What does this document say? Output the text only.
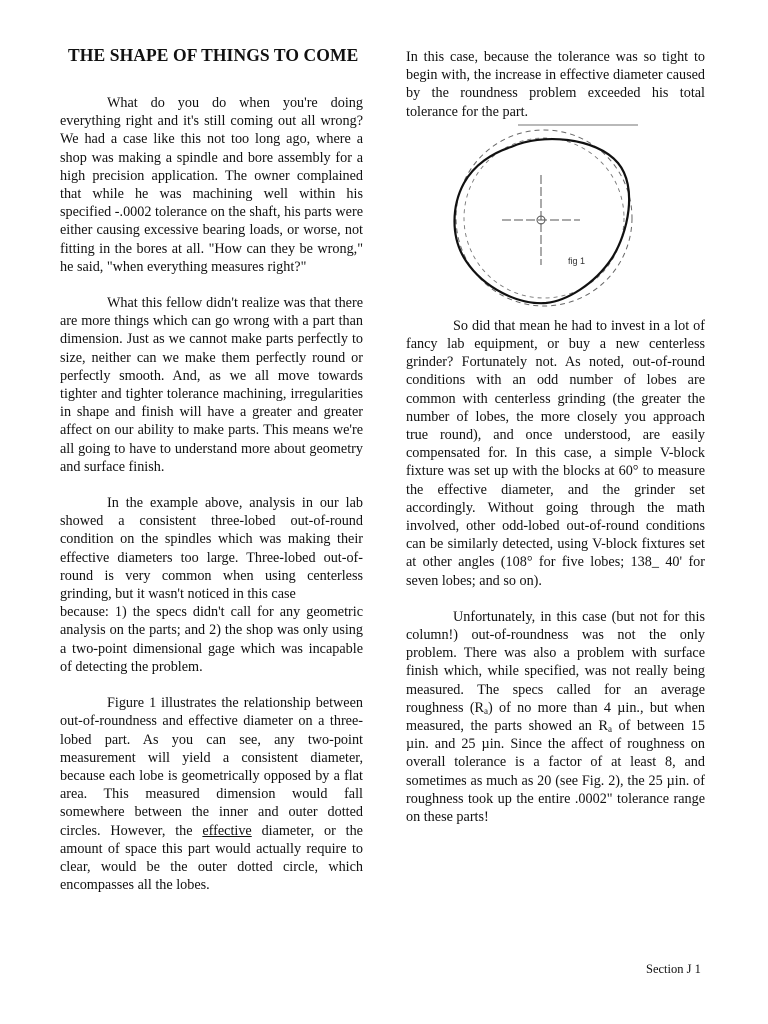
THE SHAPE OF THINGS TO COME

What do you do when you're doing everything right and it's still coming out all wrong? We had a case like this not too long ago, where a shop was making a spindle and bore assembly for a high precision application. The owner complained that while he was machining well within his specified -.0002 tolerance on the shaft, his parts were either causing excessive bearing loads, or worse, not fitting in the bores at all. "How can they be wrong," he said, "when everything measures right?"

What this fellow didn't realize was that there are more things which can go wrong with a part than dimension. Just as we cannot make parts perfectly to size, neither can we make them perfectly round or perfectly smooth. And, as we all move towards tighter and tighter tolerance machining, irregularities in shape and finish will have a greater and greater affect on our ability to make parts. This means we're all going to have to understand more about geometry and surface finish.

In the example above, analysis in our lab showed a consistent three-lobed out-of-round condition on the spindles which was making their effective diameters too large. Three-lobed out-of-round is very common when using centerless grinding, but it wasn't noticed in this case

because: 1) the specs didn't call for any geometric analysis on the parts; and 2) the shop was only using a two-point dimensional gage which was incapable of detecting the problem.

Figure 1 illustrates the relationship between out-of-roundness and effective diameter on a three-lobed part. As you can see, any two-point measurement will yield a consistent diameter, because each lobe is geometrically opposed by a flat area. This measured dimension would fall somewhere between the inner and outer dotted circles. However, the effective diameter, or the amount of space this part would actually require to clear, would be the outer dotted circle, which encompasses all the lobes.

In this case, because the tolerance was so tight to begin with, the increase in effective diameter caused by the roundness problem exceeded his total tolerance for the part.

fig 1

So did that mean he had to invest in a lot of fancy lab equipment, or buy a new centerless grinder? Fortunately not. As noted, out-of-round conditions with an odd number of lobes are common with centerless grinding (the greater the number of lobes, the more closely you approach true round), and once understood, are easily compensated for. In this case, a simple V-block fixture was set up with the blocks at 60° to measure the effective diameter, and the grinder set accordingly. Without going through the math involved, other odd-lobed out-of-round conditions can be similarly detected, using V-block fixtures set at other angles (108° for five lobes; 138_ 40' for seven lobes; and so on).

Unfortunately, in this case (but not for this column!) out-of-roundness was not the only problem. There was also a problem with surface finish which, while specified, was not really being measured. The specs called for an average roughness $(R_a)$ of no more than 4 µin., but when measured, the parts showed an $R_a$ of between 15 µin. and 25 µin. Since the affect of roughness on overall tolerance is a factor of at least 8, and sometimes as much as 20 (see Fig. 2), the 25 µin. of roughness took up the entire .0002" tolerance range on these parts!

Section J 1
